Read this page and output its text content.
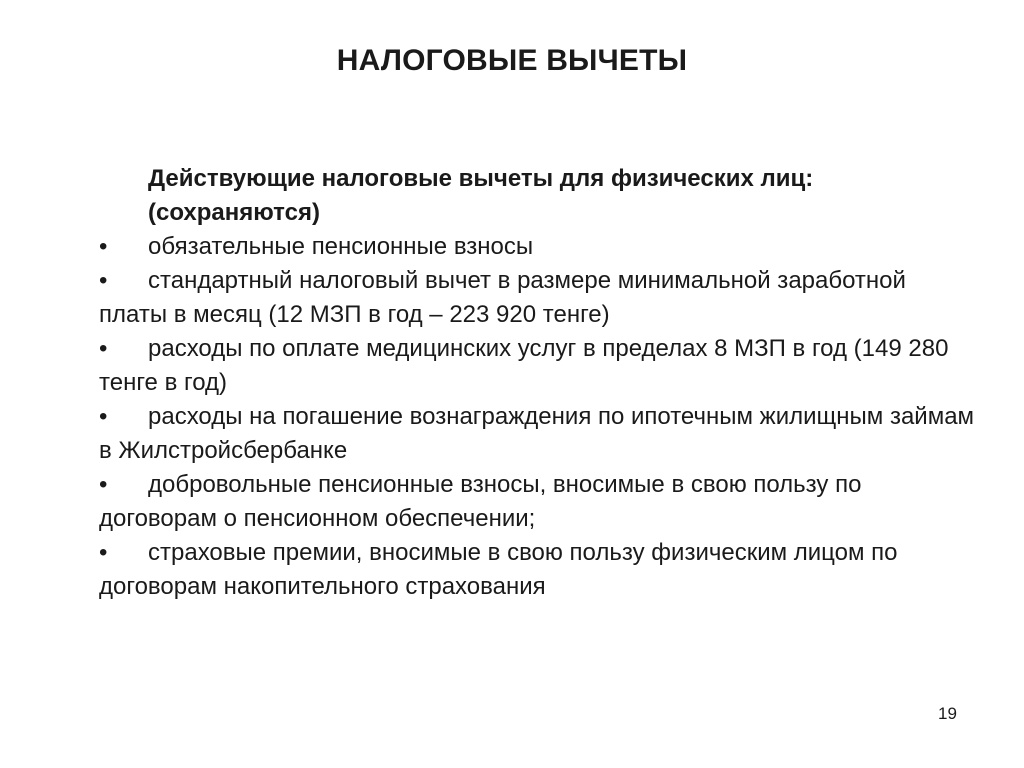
НАЛОГОВЫЕ ВЫЧЕТЫ
Действующие налоговые вычеты для физических лиц:
(сохраняются)
•	обязательные пенсионные взносы
•	стандартный налоговый вычет в размере минимальной заработной платы в месяц (12 МЗП в год – 223 920 тенге)
•	расходы по оплате медицинских услуг в пределах 8 МЗП в год (149 280 тенге в год)
•	расходы на погашение вознаграждения по ипотечным жилищным займам в Жилстройсбербанке
•	добровольные пенсионные взносы, вносимые в свою пользу по договорам о пенсионном обеспечении;
•	страховые премии, вносимые в свою пользу физическим лицом по договорам накопительного страхования
19
